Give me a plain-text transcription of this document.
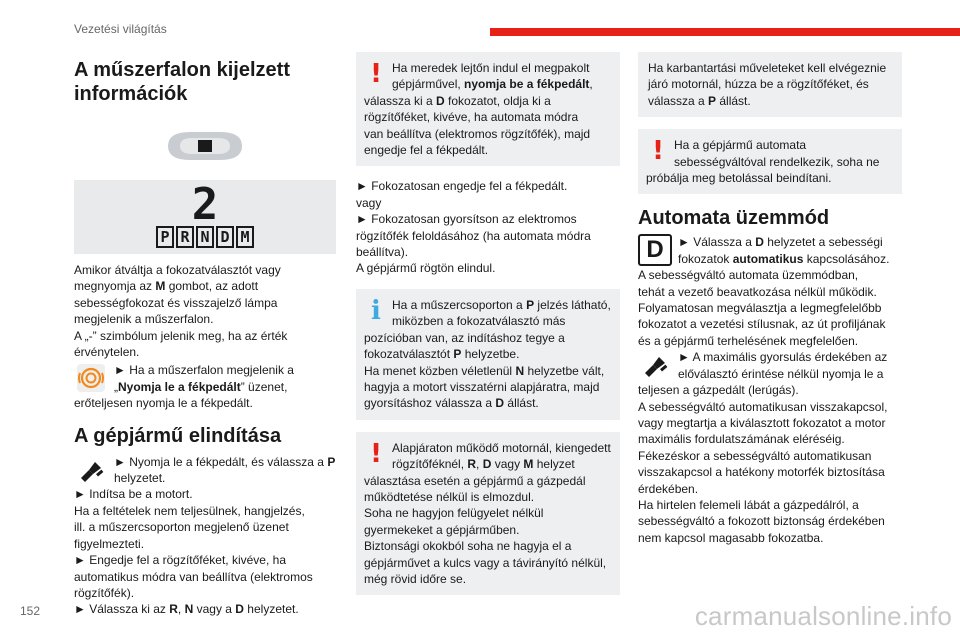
Vezetési világítás
A műszerfalon kijelzett információk
2
P R N D M

Amikor átváltja a fokozatválasztót vagy
megnyomja az M gombot, az adott
sebességfokozat és visszajelző lámpa
megjelenik a műszerfalon.
A „-” szimbólum jelenik meg, ha az érték
érvénytelen.

► Ha a műszerfalon megjelenik a
„Nyomja le a fékpedált” üzenet,
erőteljesen nyomja le a fékpedált.

A gépjármű elindítása

► Nyomja le a fékpedált, és válassza a P
helyzetet.

► Indítsa be a motort.
Ha a feltételek nem teljesülnek, hangjelzés,
ill. a műszercsoporton megjelenő üzenet
figyelmezteti.
► Engedje fel a rögzítőféket, kivéve, ha
automatikus módra van beállítva (elektromos
rögzítőfék).
► Válassza ki az R, N vagy a D helyzetet.

! Ha meredek lejtőn indul el megpakolt
gépjárművel, nyomja be a fékpedált,
válassza ki a D fokozatot, oldja ki a
rögzítőféket, kivéve, ha automata módra
van beállítva (elektromos rögzítőfék), majd
engedje fel a fékpedált.

► Fokozatosan engedje fel a fékpedált.
vagy
► Fokozatosan gyorsítson az elektromos
rögzítőfék feloldásához (ha automata módra
beállítva).
A gépjármű rögtön elindul.

i Ha a műszercsoporton a P jelzés látható,
miközben a fokozatválasztó más
pozícióban van, az indításhoz tegye a
fokozatválasztót P helyzetbe.
Ha menet közben véletlenül N helyzetbe vált,
hagyja a motort visszatérni alapjáratra, majd
gyorsításhoz válassza a D állást.

! Alapjáraton működő motornál, kiengedett
rögzítőféknél, R, D vagy M helyzet
választása esetén a gépjármű a gázpedál
működtetése nélkül is elmozdul.
Soha ne hagyjon felügyelet nélkül
gyermekeket a gépjárműben.
Biztonsági okokból soha ne hagyja el a
gépjárművet a kulcs vagy a távirányító nélkül,
még rövid időre se.

Ha karbantartási műveleteket kell elvégeznie
járó motornál, húzza be a rögzítőféket, és
válassza a P állást.

! Ha a gépjármű automata
sebességváltóval rendelkezik, soha ne
próbálja meg betolással beindítani.

Automata üzemmód
D	► Válassza a D helyzetet a sebességi
fokozatok automatikus kapcsolásához.

A sebességváltó automata üzemmódban,
tehát a vezető beavatkozása nélkül működik.
Folyamatosan megválasztja a legmegfelelőbb
fokozatot a vezetési stílusnak, az út profiljának
és a gépjármű terhelésének megfelelően.

► A maximális gyorsulás érdekében az
előválasztó érintése nélkül nyomja le a
teljesen a gázpedált (lerúgás).

A sebességváltó automatikusan visszakapcsol,
vagy megtartja a kiválasztott fokozatot a motor
maximális fordulatszámának eléréséig.
Fékezéskor a sebességváltó automatikusan
visszakapcsol a hatékony motorfék biztosítása
érdekében.
Ha hirtelen felemeli lábát a gázpedálról, a
sebességváltó a fokozott biztonság érdekében
nem kapcsol magasabb fokozatba.

152	carmanualsonline.info
